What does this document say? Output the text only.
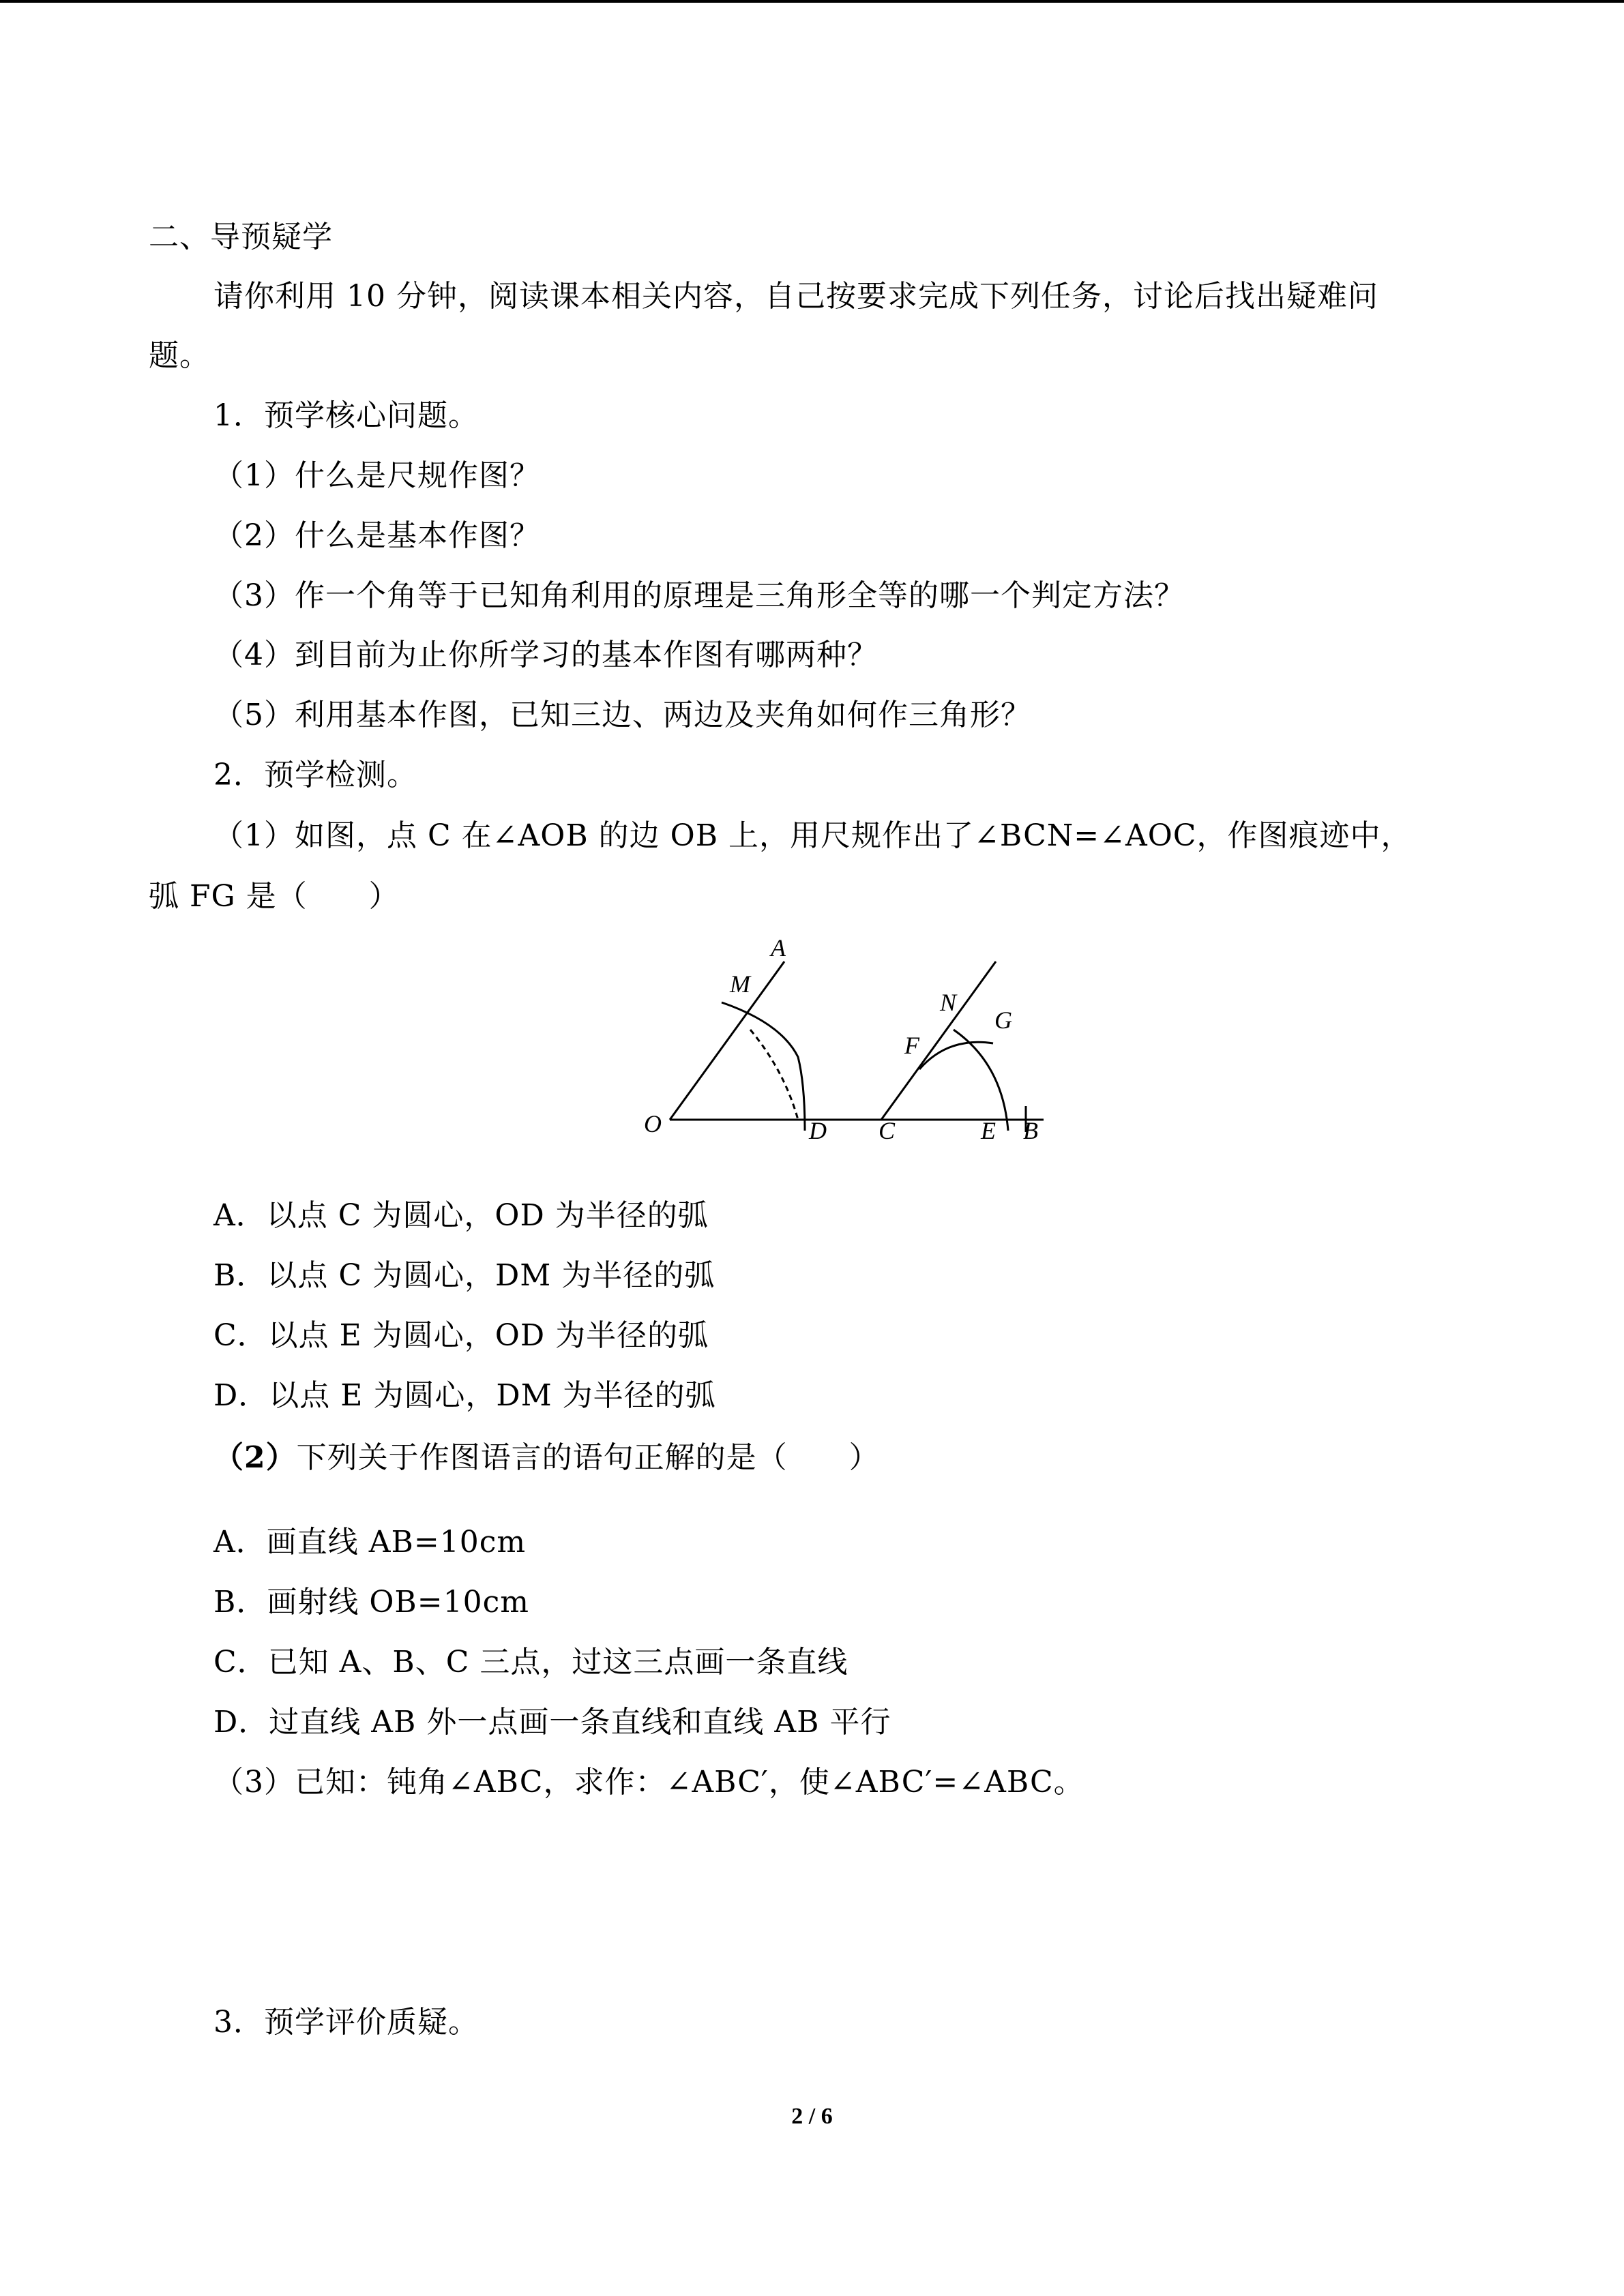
二、导预疑学
请你利用 10 分钟，阅读课本相关内容，自己按要求完成下列任务，讨论后找出疑难问
题。
1．预学核心问题。
（1）什么是尺规作图？
（2）什么是基本作图？
（3）作一个角等于已知角利用的原理是三角形全等的哪一个判定方法？
（4）到目前为止你所学习的基本作图有哪两种？
（5）利用基本作图，已知三边、两边及夹角如何作三角形？
2．预学检测。
（1）如图，点 C 在∠AOB 的边 OB 上，用尺规作出了∠BCN=∠AOC，作图痕迹中，
弧 FG 是（　　）
A
M
N
G
F
O	D C	E B
A．以点 C 为圆心，OD 为半径的弧
B．以点 C 为圆心，DM 为半径的弧
C．以点 E 为圆心，OD 为半径的弧
D．以点 E 为圆心，DM 为半径的弧
（2）下列关于作图语言的语句正解的是（　　）
A．画直线 AB=10cm
B．画射线 OB=10cm
C．已知 A、B、C 三点，过这三点画一条直线
D．过直线 AB 外一点画一条直线和直线 AB 平行
（3）已知：钝角∠ABC，求作：∠ABC′，使∠ABC′=∠ABC。
3．预学评价质疑。
2 / 6
